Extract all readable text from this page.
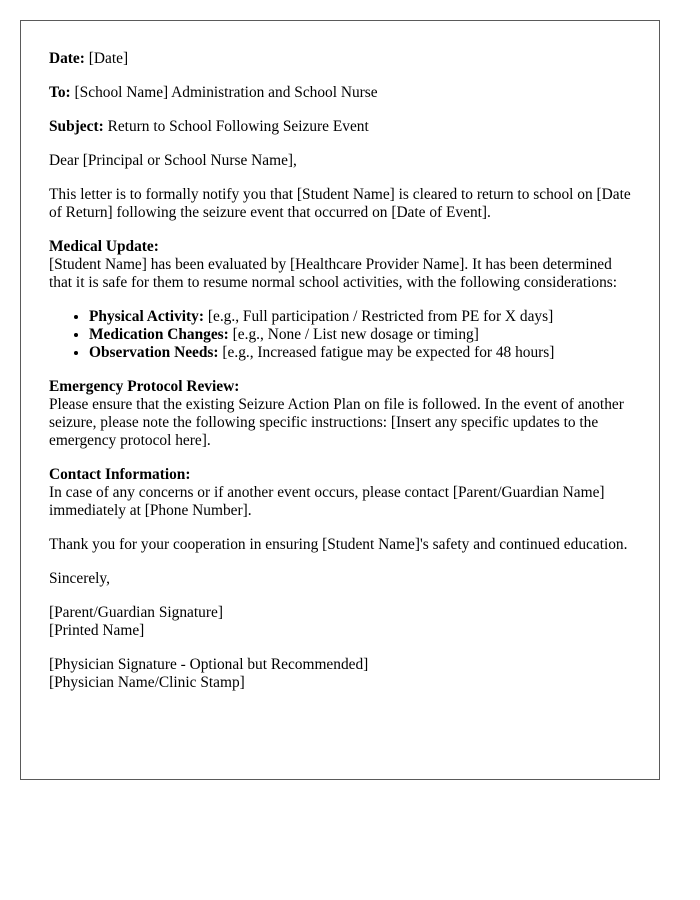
Date: [Date]

To: [School Name] Administration and School Nurse

Subject: Return to School Following Seizure Event

Dear [Principal or School Nurse Name],

This letter is to formally notify you that [Student Name] is cleared to return to school on [Date of Return] following the seizure event that occurred on [Date of Event].

Medical Update:
[Student Name] has been evaluated by [Healthcare Provider Name]. It has been determined that it is safe for them to resume normal school activities, with the following considerations:

• Physical Activity: [e.g., Full participation / Restricted from PE for X days]
• Medication Changes: [e.g., None / List new dosage or timing]
• Observation Needs: [e.g., Increased fatigue may be expected for 48 hours]

Emergency Protocol Review:
Please ensure that the existing Seizure Action Plan on file is followed. In the event of another seizure, please note the following specific instructions: [Insert any specific updates to the emergency protocol here].

Contact Information:
In case of any concerns or if another event occurs, please contact [Parent/Guardian Name] immediately at [Phone Number].

Thank you for your cooperation in ensuring [Student Name]'s safety and continued education.

Sincerely,

[Parent/Guardian Signature]
[Printed Name]

[Physician Signature - Optional but Recommended]
[Physician Name/Clinic Stamp]
